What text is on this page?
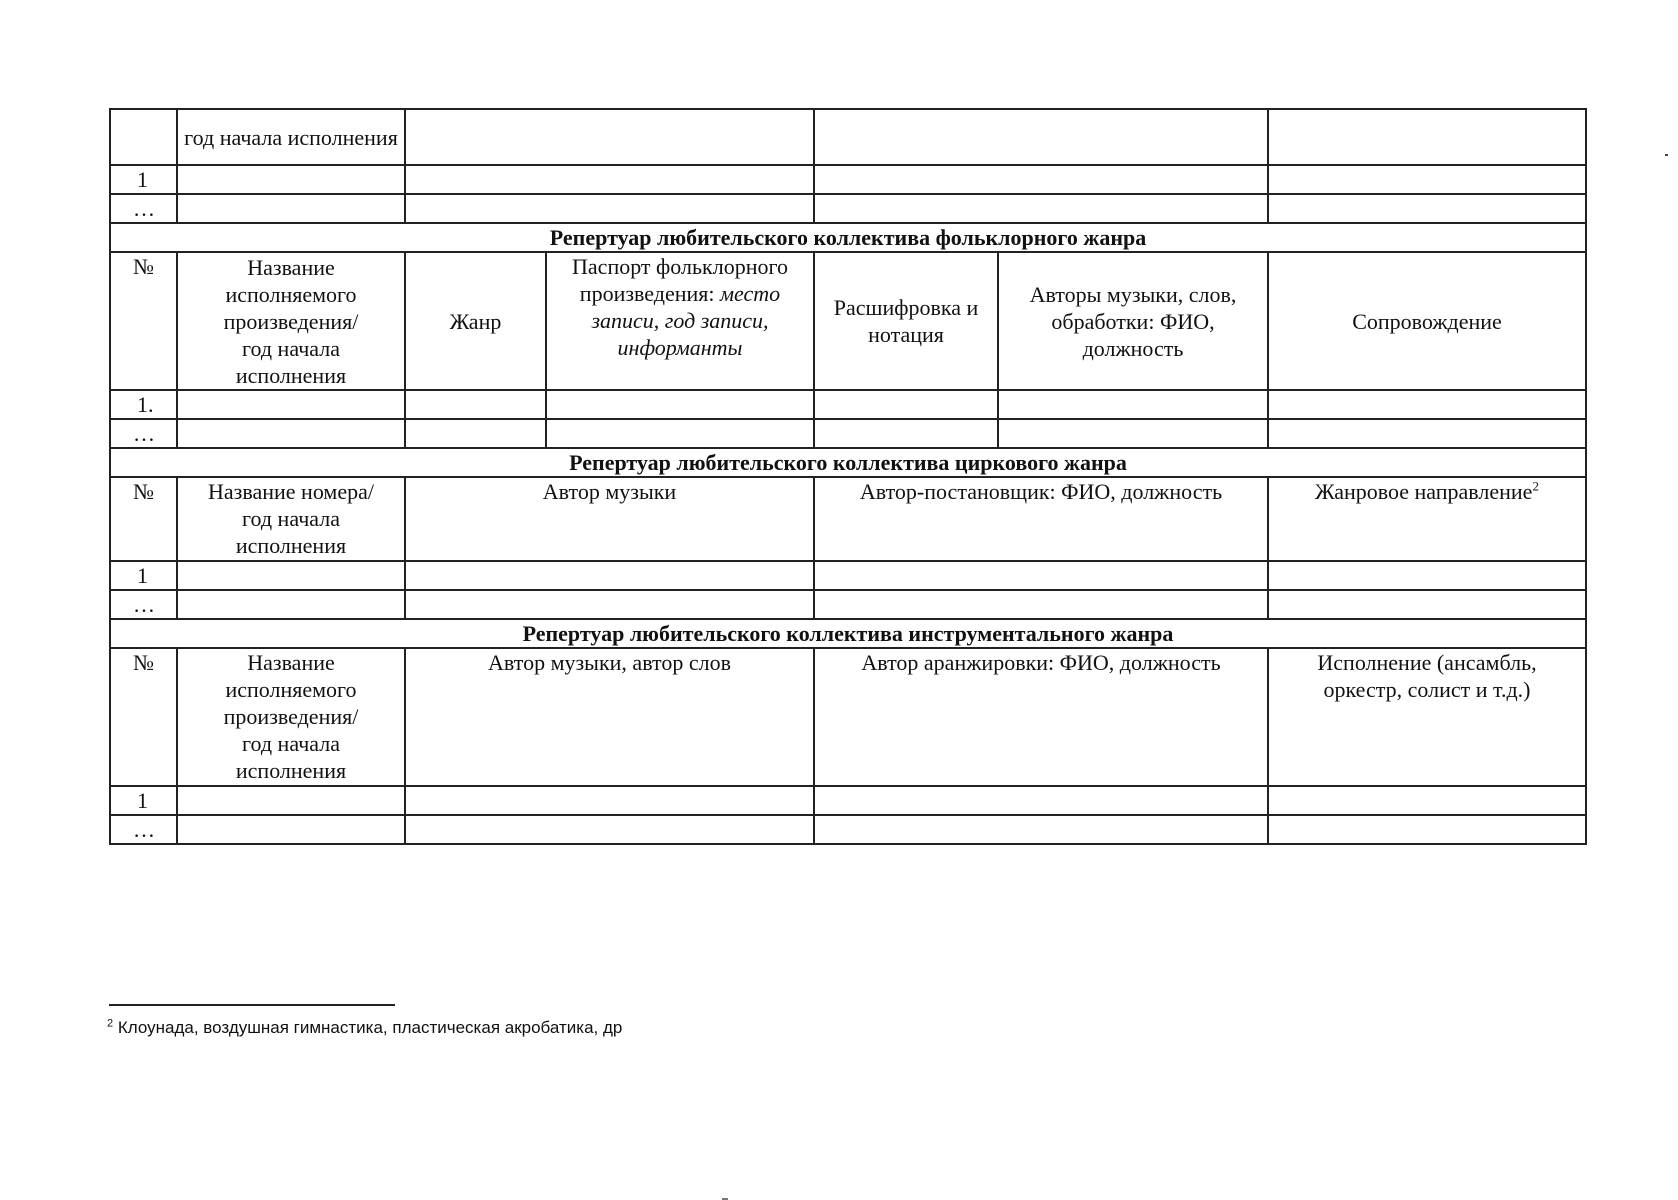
	год начала исполнения					
1						
…						
Репертуар любительского коллектива фольклорного жанра						
№	Название
исполняемого
произведения/
год начала
исполнения	Жанр	Паспорт фольклорного
произведения: место
записи, год записи,
информанты	Расшифровка и
нотация	Авторы музыки, слов,
обработки: ФИО,
должность	Сопровождение
1.						
…						
Репертуар любительского коллектива циркового жанра						
№	Название номера/
год начала
исполнения	Автор музыки		Автор-постановщик: ФИО, должность		Жанровое направление$^2$
1						
…						
Репертуар любительского коллектива инструментального жанра						
№	Название
исполняемого
произведения/
год начала
исполнения	Автор музыки, автор слов		Автор аранжировки: ФИО, должность		Исполнение (ансамбль,
оркестр, солист и т.д.)
1						
…						
$^2$ Клоунада, воздушная гимнастика, пластическая акробатика, др
